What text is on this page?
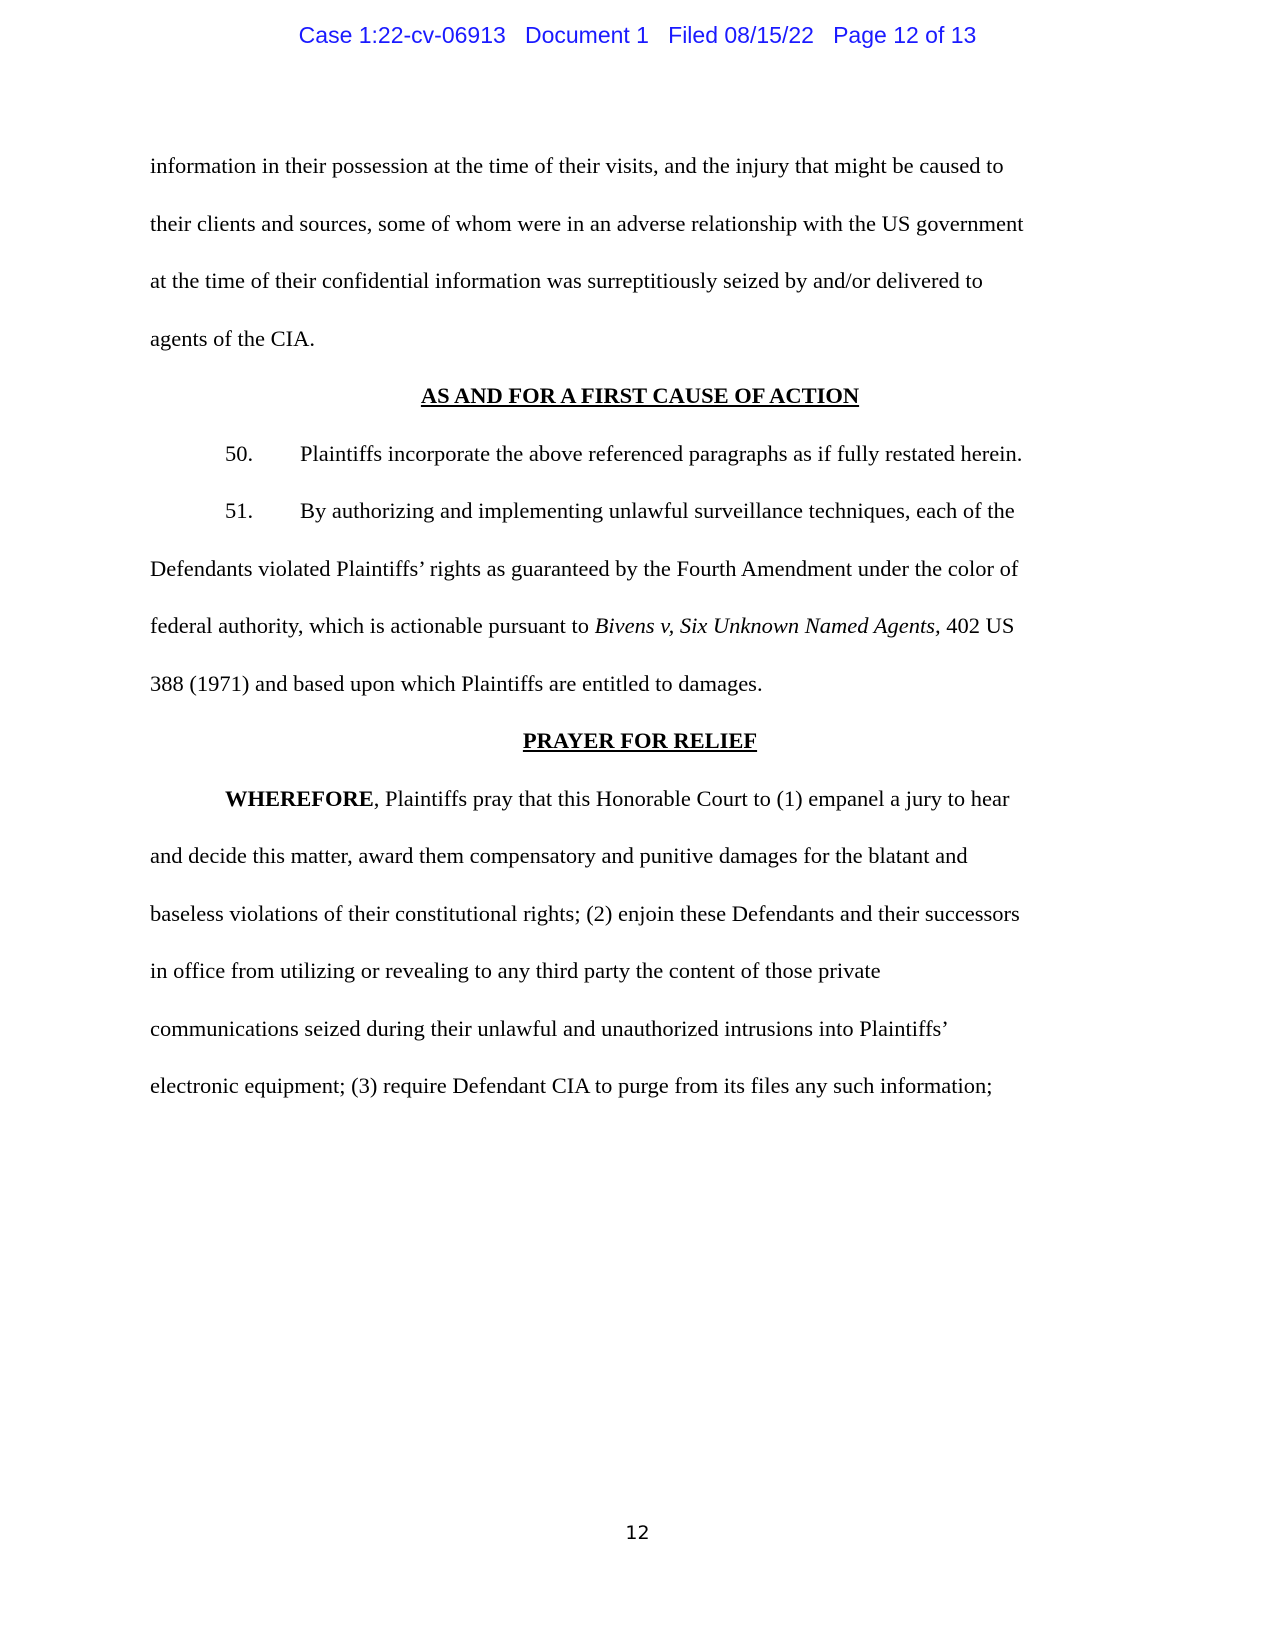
Case 1:22-cv-06913   Document 1   Filed 08/15/22   Page 12 of 13
information in their possession at the time of their visits, and the injury that might be caused to
their clients and sources, some of whom were in an adverse relationship with the US government
at the time of their confidential information was surreptitiously seized by and/or delivered to
agents of the CIA.
AS AND FOR A FIRST CAUSE OF ACTION
50. Plaintiffs incorporate the above referenced paragraphs as if fully restated herein.
51. By authorizing and implementing unlawful surveillance techniques, each of the
Defendants violated Plaintiffs’ rights as guaranteed by the Fourth Amendment under the color of
federal authority, which is actionable pursuant to Bivens v, Six Unknown Named Agents, 402 US
388 (1971) and based upon which Plaintiffs are entitled to damages.
PRAYER FOR RELIEF
WHEREFORE, Plaintiffs pray that this Honorable Court to (1) empanel a jury to hear
and decide this matter, award them compensatory and punitive damages for the blatant and
baseless violations of their constitutional rights; (2) enjoin these Defendants and their successors
in office from utilizing or revealing to any third party the content of those private
communications seized during their unlawful and unauthorized intrusions into Plaintiffs’
electronic equipment; (3) require Defendant CIA to purge from its files any such information;
12
